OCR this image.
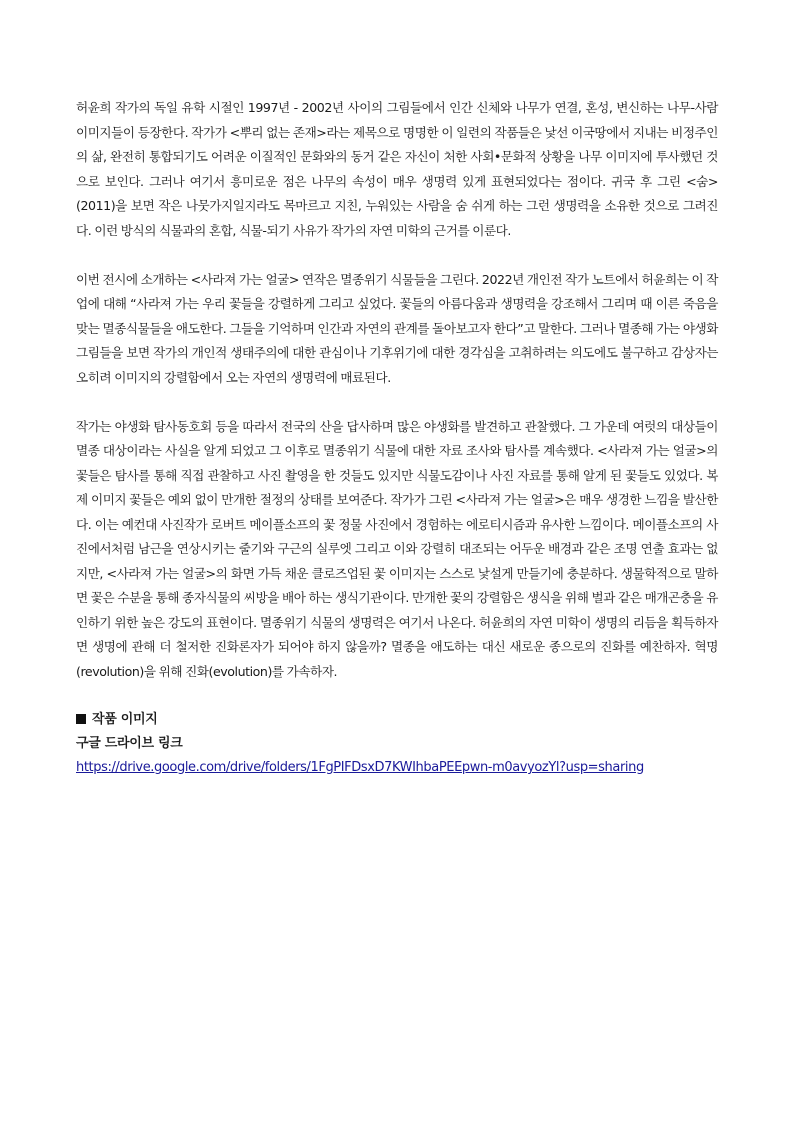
허윤희 작가의 독일 유학 시절인 1997년 - 2002년 사이의 그림들에서 인간 신체와 나무가 연결, 혼성, 변신하는 나무-사람 이미지들이 등장한다. 작가가 <뿌리 없는 존재>라는 제목으로 명명한 이 일련의 작품들은 낯선 이국땅에서 지내는 비정주인의 삶, 완전히 통합되기도 어려운 이질적인 문화와의 동거 같은 자신이 처한 사회•문화적 상황을 나무 이미지에 투사했던 것으로 보인다. 그러나 여기서 흥미로운 점은 나무의 속성이 매우 생명력 있게 표현되었다는 점이다. 귀국 후 그린 <숨>(2011)을 보면 작은 나뭇가지일지라도 목마르고 지친, 누워있는 사람을 숨 쉬게 하는 그런 생명력을 소유한 것으로 그려진다. 이런 방식의 식물과의 혼합, 식물-되기 사유가 작가의 자연 미학의 근거를 이룬다.

이번 전시에 소개하는 <사라져 가는 얼굴> 연작은 멸종위기 식물들을 그린다. 2022년 개인전 작가 노트에서 허윤희는 이 작업에 대해 “사라져 가는 우리 꽃들을 강렬하게 그리고 싶었다. 꽃들의 아름다움과 생명력을 강조해서 그리며 때 이른 죽음을 맞는 멸종식물들을 애도한다. 그들을 기억하며 인간과 자연의 관계를 돌아보고자 한다”고 말한다. 그러나 멸종해 가는 야생화 그림들을 보면 작가의 개인적 생태주의에 대한 관심이나 기후위기에 대한 경각심을 고취하려는 의도에도 불구하고 감상자는 오히려 이미지의 강렬함에서 오는 자연의 생명력에 매료된다.

작가는 야생화 탐사동호회 등을 따라서 전국의 산을 답사하며 많은 야생화를 발견하고 관찰했다. 그 가운데 여럿의 대상들이 멸종 대상이라는 사실을 알게 되었고 그 이후로 멸종위기 식물에 대한 자료 조사와 탐사를 계속했다. <사라져 가는 얼굴>의 꽃들은 탐사를 통해 직접 관찰하고 사진 촬영을 한 것들도 있지만 식물도감이나 사진 자료를 통해 알게 된 꽃들도 있었다. 복제 이미지 꽃들은 예외 없이 만개한 절정의 상태를 보여준다. 작가가 그린 <사라져 가는 얼굴>은 매우 생경한 느낌을 발산한다. 이는 예컨대 사진작가 로버트 메이플소프의 꽃 정물 사진에서 경험하는 에로티시즘과 유사한 느낌이다. 메이플소프의 사진에서처럼 남근을 연상시키는 줄기와 구근의 실루엣 그리고 이와 강렬히 대조되는 어두운 배경과 같은 조명 연출 효과는 없지만, <사라져 가는 얼굴>의 화면 가득 채운 클로즈업된 꽃 이미지는 스스로 낯설게 만들기에 충분하다. 생물학적으로 말하면 꽃은 수분을 통해 종자식물의 씨방을 배아 하는 생식기관이다. 만개한 꽃의 강렬함은 생식을 위해 벌과 같은 매개곤충을 유인하기 위한 높은 강도의 표현이다. 멸종위기 식물의 생명력은 여기서 나온다. 허윤희의 자연 미학이 생명의 리듬을 획득하자면 생명에 관해 더 철저한 진화론자가 되어야 하지 않을까? 멸종을 애도하는 대신 새로운 종으로의 진화를 예찬하자. 혁명(revolution)을 위해 진화(evolution)를 가속하자.

작품 이미지
구글 드라이브 링크
https://drive.google.com/drive/folders/1FgPIFDsxD7KWIhbaPEEpwn-m0avyozYl?usp=sharing
